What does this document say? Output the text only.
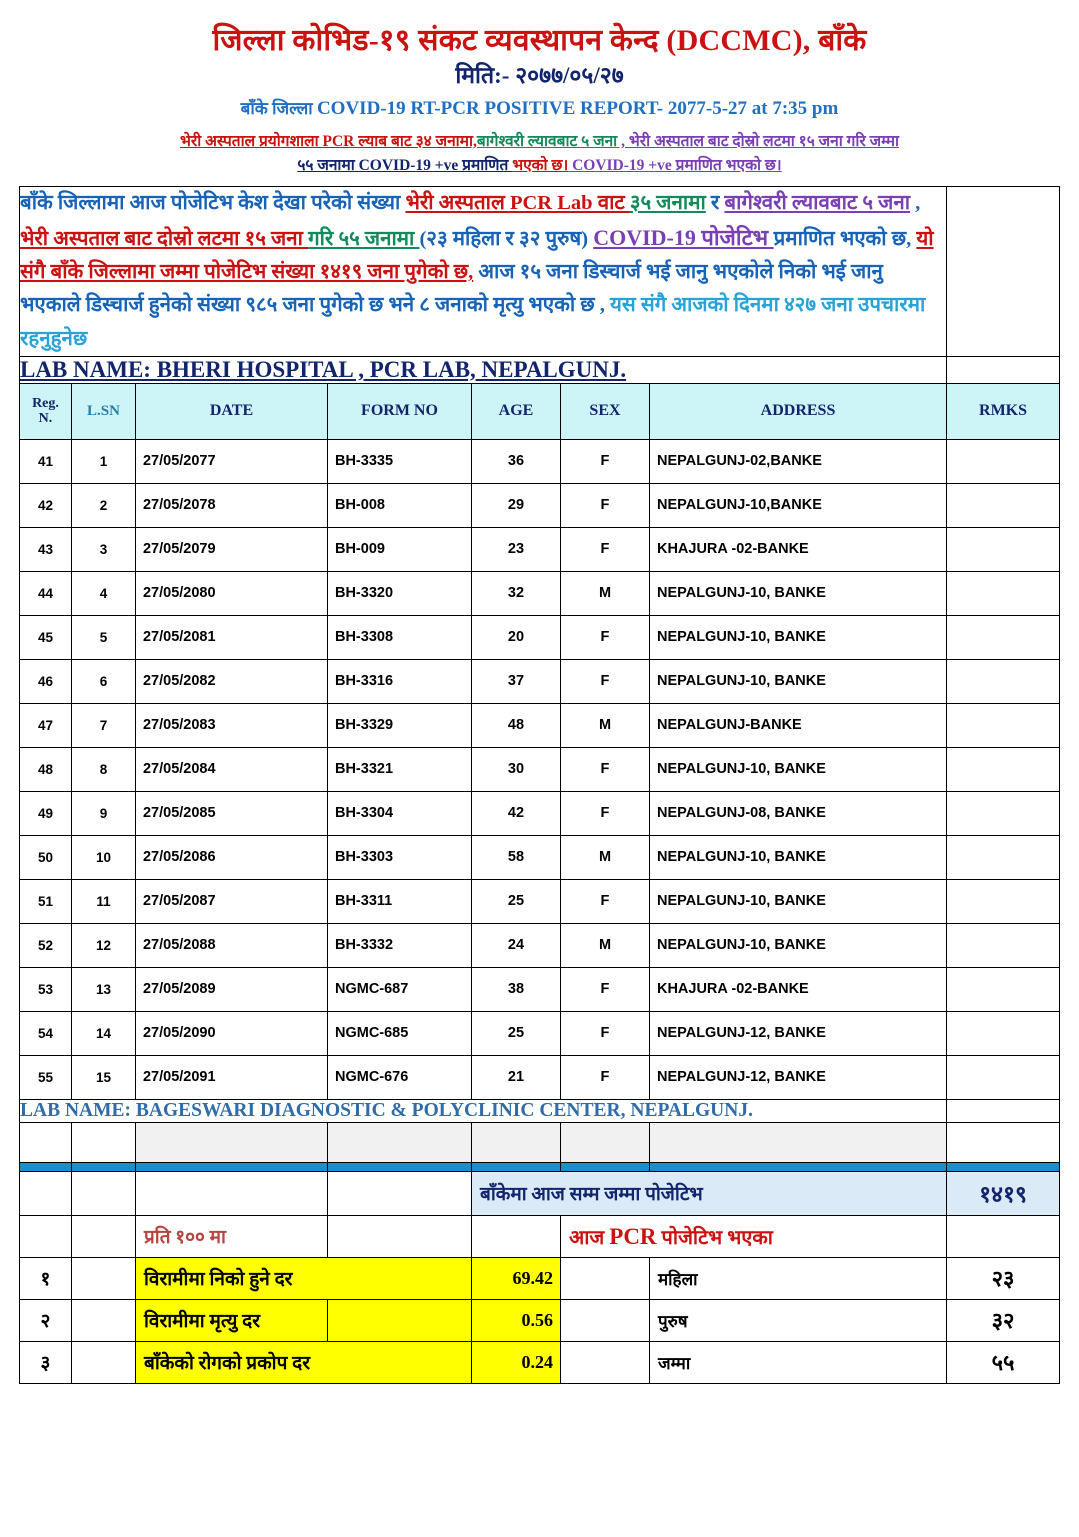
जिल्ला कोभिड-१९ संकट व्यवस्थापन केन्द (DCCMC), बाँके
मिति:- २०७७/०५/२७
बाँके जिल्ला COVID-19 RT-PCR POSITIVE REPORT- 2077-5-27 at 7:35 pm
भेरी अस्पताल प्रयोगशाला PCR ल्याब बाट ३४ जनामा,बागेश्वरी ल्यावबाट ५ जना , भेरी अस्पताल बाट दोस्रो लटमा १५ जना गरि जम्मा
५५ जनामा COVID-19 +ve प्रमाणित भएको छ। COVID-19 +ve प्रमाणित भएको छ।
बाँके जिल्लामा आज पोजेटिभ केश देखा परेको संख्या भेरी अस्पताल PCR Lab वाट ३५ जनामा र बागेश्वरी ल्यावबाट ५ जना , भेरी अस्पताल बाट दोस्रो लटमा १५ जना गरि ५५ जनामा (२३ महिला र ३२ पुरुष) COVID-19 पोजेटिभ प्रमाणित भएको छ, यो संगै बाँके जिल्लामा जम्मा पोजेटिभ संख्या १४१९ जना पुगेको छ, आज १५ जना डिस्चार्ज भई जानु भएकोले निको भई जानु भएकाले डिस्चार्ज हुनेको संख्या ९८५ जना पुगेको छ भने ८ जनाको मृत्यु भएको छ , यस संगै आजको दिनमा ४२७ जना उपचारमा रहनुहुनेछ							

LAB NAME: BHERI HOSPITAL , PCR LAB, NEPALGUNJ.							
Reg.
N.	L.SN	DATE	FORM NO	AGE	SEX	ADDRESS	RMKS
41	1	27/05/2077	BH-3335	36	F	NEPALGUNJ-02,BANKE	
42	2	27/05/2078	BH-008	29	F	NEPALGUNJ-10,BANKE	
43	3	27/05/2079	BH-009	23	F	KHAJURA -02-BANKE	
44	4	27/05/2080	BH-3320	32	M	NEPALGUNJ-10, BANKE	
45	5	27/05/2081	BH-3308	20	F	NEPALGUNJ-10, BANKE	
46	6	27/05/2082	BH-3316	37	F	NEPALGUNJ-10, BANKE	
47	7	27/05/2083	BH-3329	48	M	NEPALGUNJ-BANKE	
48	8	27/05/2084	BH-3321	30	F	NEPALGUNJ-10, BANKE	
49	9	27/05/2085	BH-3304	42	F	NEPALGUNJ-08, BANKE	
50	10	27/05/2086	BH-3303	58	M	NEPALGUNJ-10, BANKE	
51	11	27/05/2087	BH-3311	25	F	NEPALGUNJ-10, BANKE	
52	12	27/05/2088	BH-3332	24	M	NEPALGUNJ-10, BANKE	
53	13	27/05/2089	NGMC-687	38	F	KHAJURA -02-BANKE	
54	14	27/05/2090	NGMC-685	25	F	NEPALGUNJ-12, BANKE	
55	15	27/05/2091	NGMC-676	21	F	NEPALGUNJ-12, BANKE	
LAB NAME: BAGESWARI DIAGNOSTIC & POLYCLINIC CENTER, NEPALGUNJ.							

				बाँकेमा आज सम्म जम्मा पोजेटिभ			१४१९
		प्रति १०० मा			आज PCR पोजेटिभ भएका		
१		विरामीमा निको हुने दर		69.42		महिला	२३
२		विरामीमा मृत्यु दर		0.56		पुरुष	३२
३		बाँकेको रोगको प्रकोप दर		0.24		जम्मा	५५
